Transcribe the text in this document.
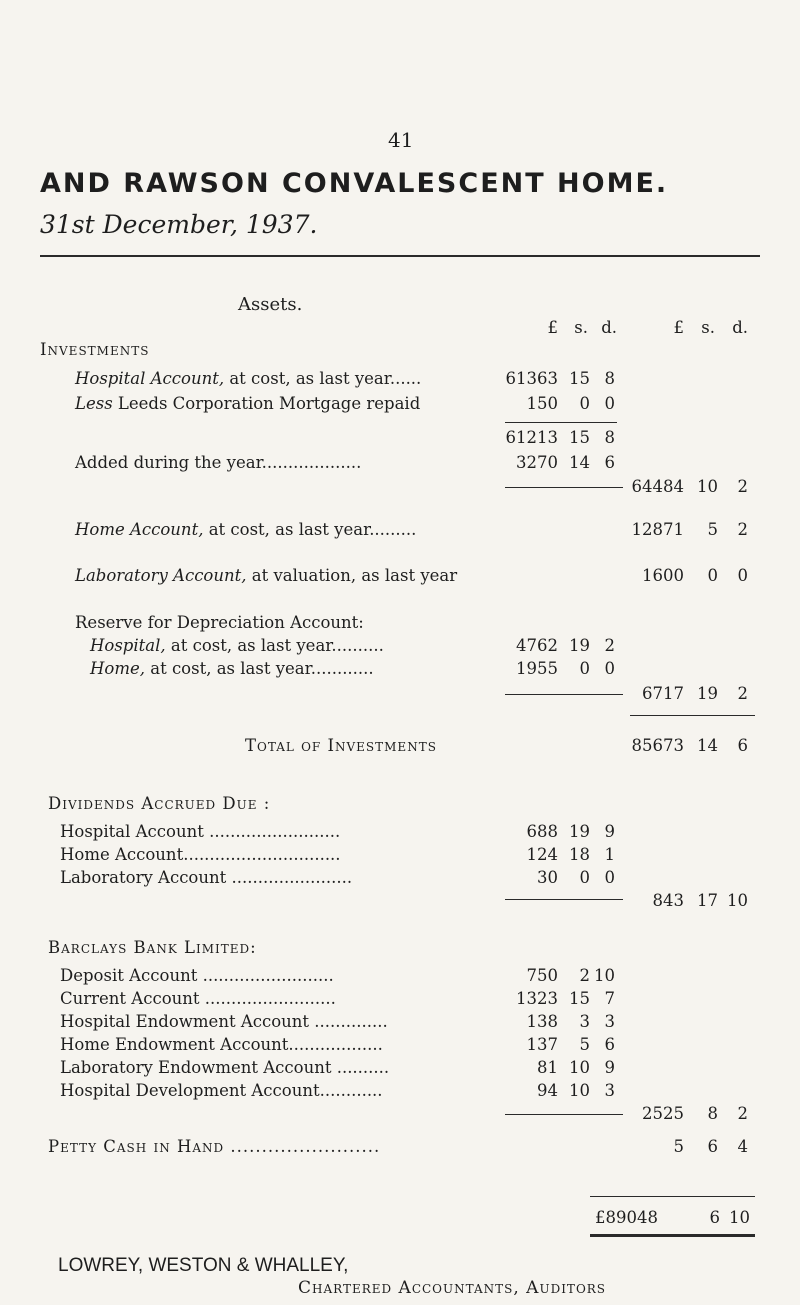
41
AND RAWSON CONVALESCENT HOME.
31st December, 1937.
Assets.
£ s. d.	£ s. d.
Investments
Hospital Account, at cost, as last year......	61363 15 8
Less Leeds Corporation Mortgage repaid	150 0 0
61213 15 8
Added during the year...................	3270 14 6
64484 10 2
Home Account, at cost, as last year.........	12871 5 2
Laboratory Account, at valuation, as last year	1600 0 0
Reserve for Depreciation Account:
Hospital, at cost, as last year..........	4762 19 2
Home, at cost, as last year............	1955 0 0
6717 19 2
Total of Investments	85673 14 6
Dividends Accrued Due :
Hospital Account .........................	688 19 9
Home Account..............................	124 18 1
Laboratory Account .......................	30 0 0
843 17 10
Barclays Bank Limited:
Deposit Account .........................	750 2 10
Current Account .........................	1323 15 7
Hospital Endowment Account ..............	138 3 3
Home Endowment Account..................	137 5 6
Laboratory Endowment Account ..........	81 10 9
Hospital Development Account............	94 10 3
2525 8 2
Petty Cash in Hand ........................	5 6 4
£89048	6 10
LOWREY, WESTON & WHALLEY,
Chartered Accountants, Auditors
